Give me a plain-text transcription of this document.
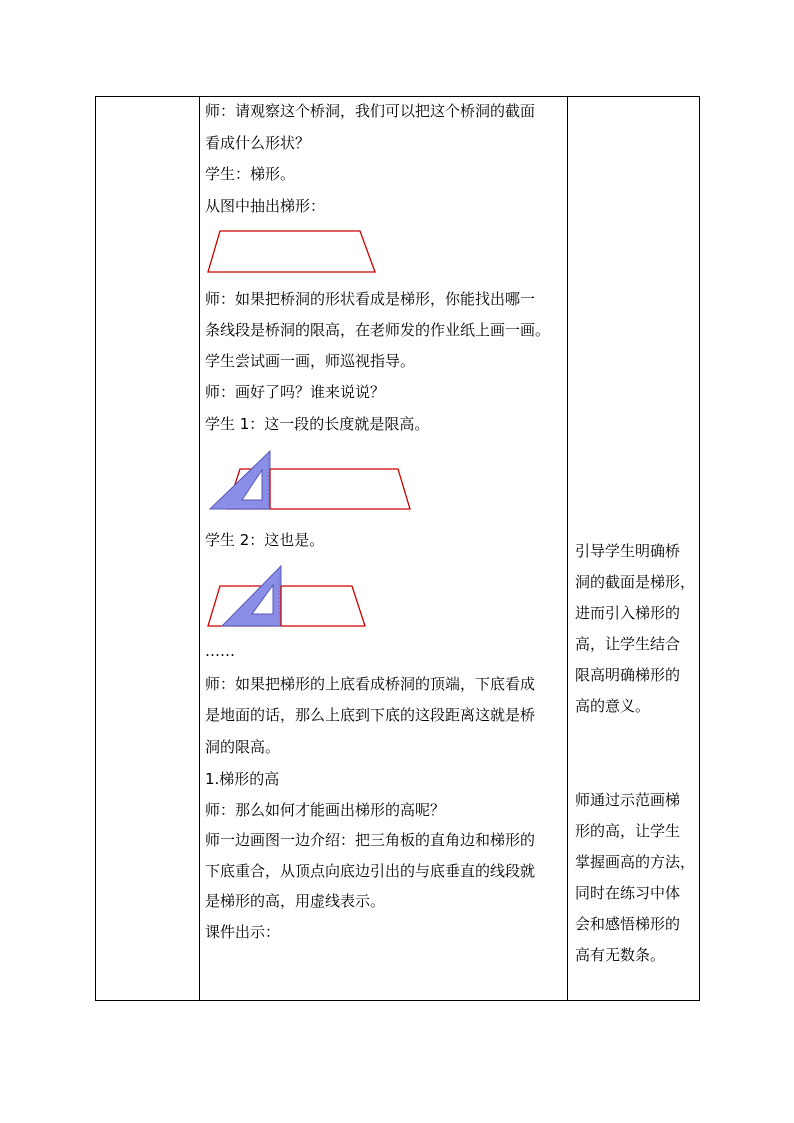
师：请观察这个桥洞，我们可以把这个桥洞的截面
看成什么形状？
学生：梯形。
从图中抽出梯形：
师：如果把桥洞的形状看成是梯形，你能找出哪一
条线段是桥洞的限高，在老师发的作业纸上画一画。
学生尝试画一画，师巡视指导。
师：画好了吗？谁来说说？
学生 1：这一段的长度就是限高。
学生 2：这也是。
……
师：如果把梯形的上底看成桥洞的顶端，下底看成
是地面的话，那么上底到下底的这段距离这就是桥
洞的限高。
1.梯形的高
师：那么如何才能画出梯形的高呢？
师一边画图一边介绍：把三角板的直角边和梯形的
下底重合，从顶点向底边引出的与底垂直的线段就
是梯形的高，用虚线表示。
课件出示：
引导学生明确桥
洞的截面是梯形，
进而引入梯形的
高，让学生结合
限高明确梯形的
高的意义。
师通过示范画梯
形的高，让学生
掌握画高的方法，
同时在练习中体
会和感悟梯形的
高有无数条。
